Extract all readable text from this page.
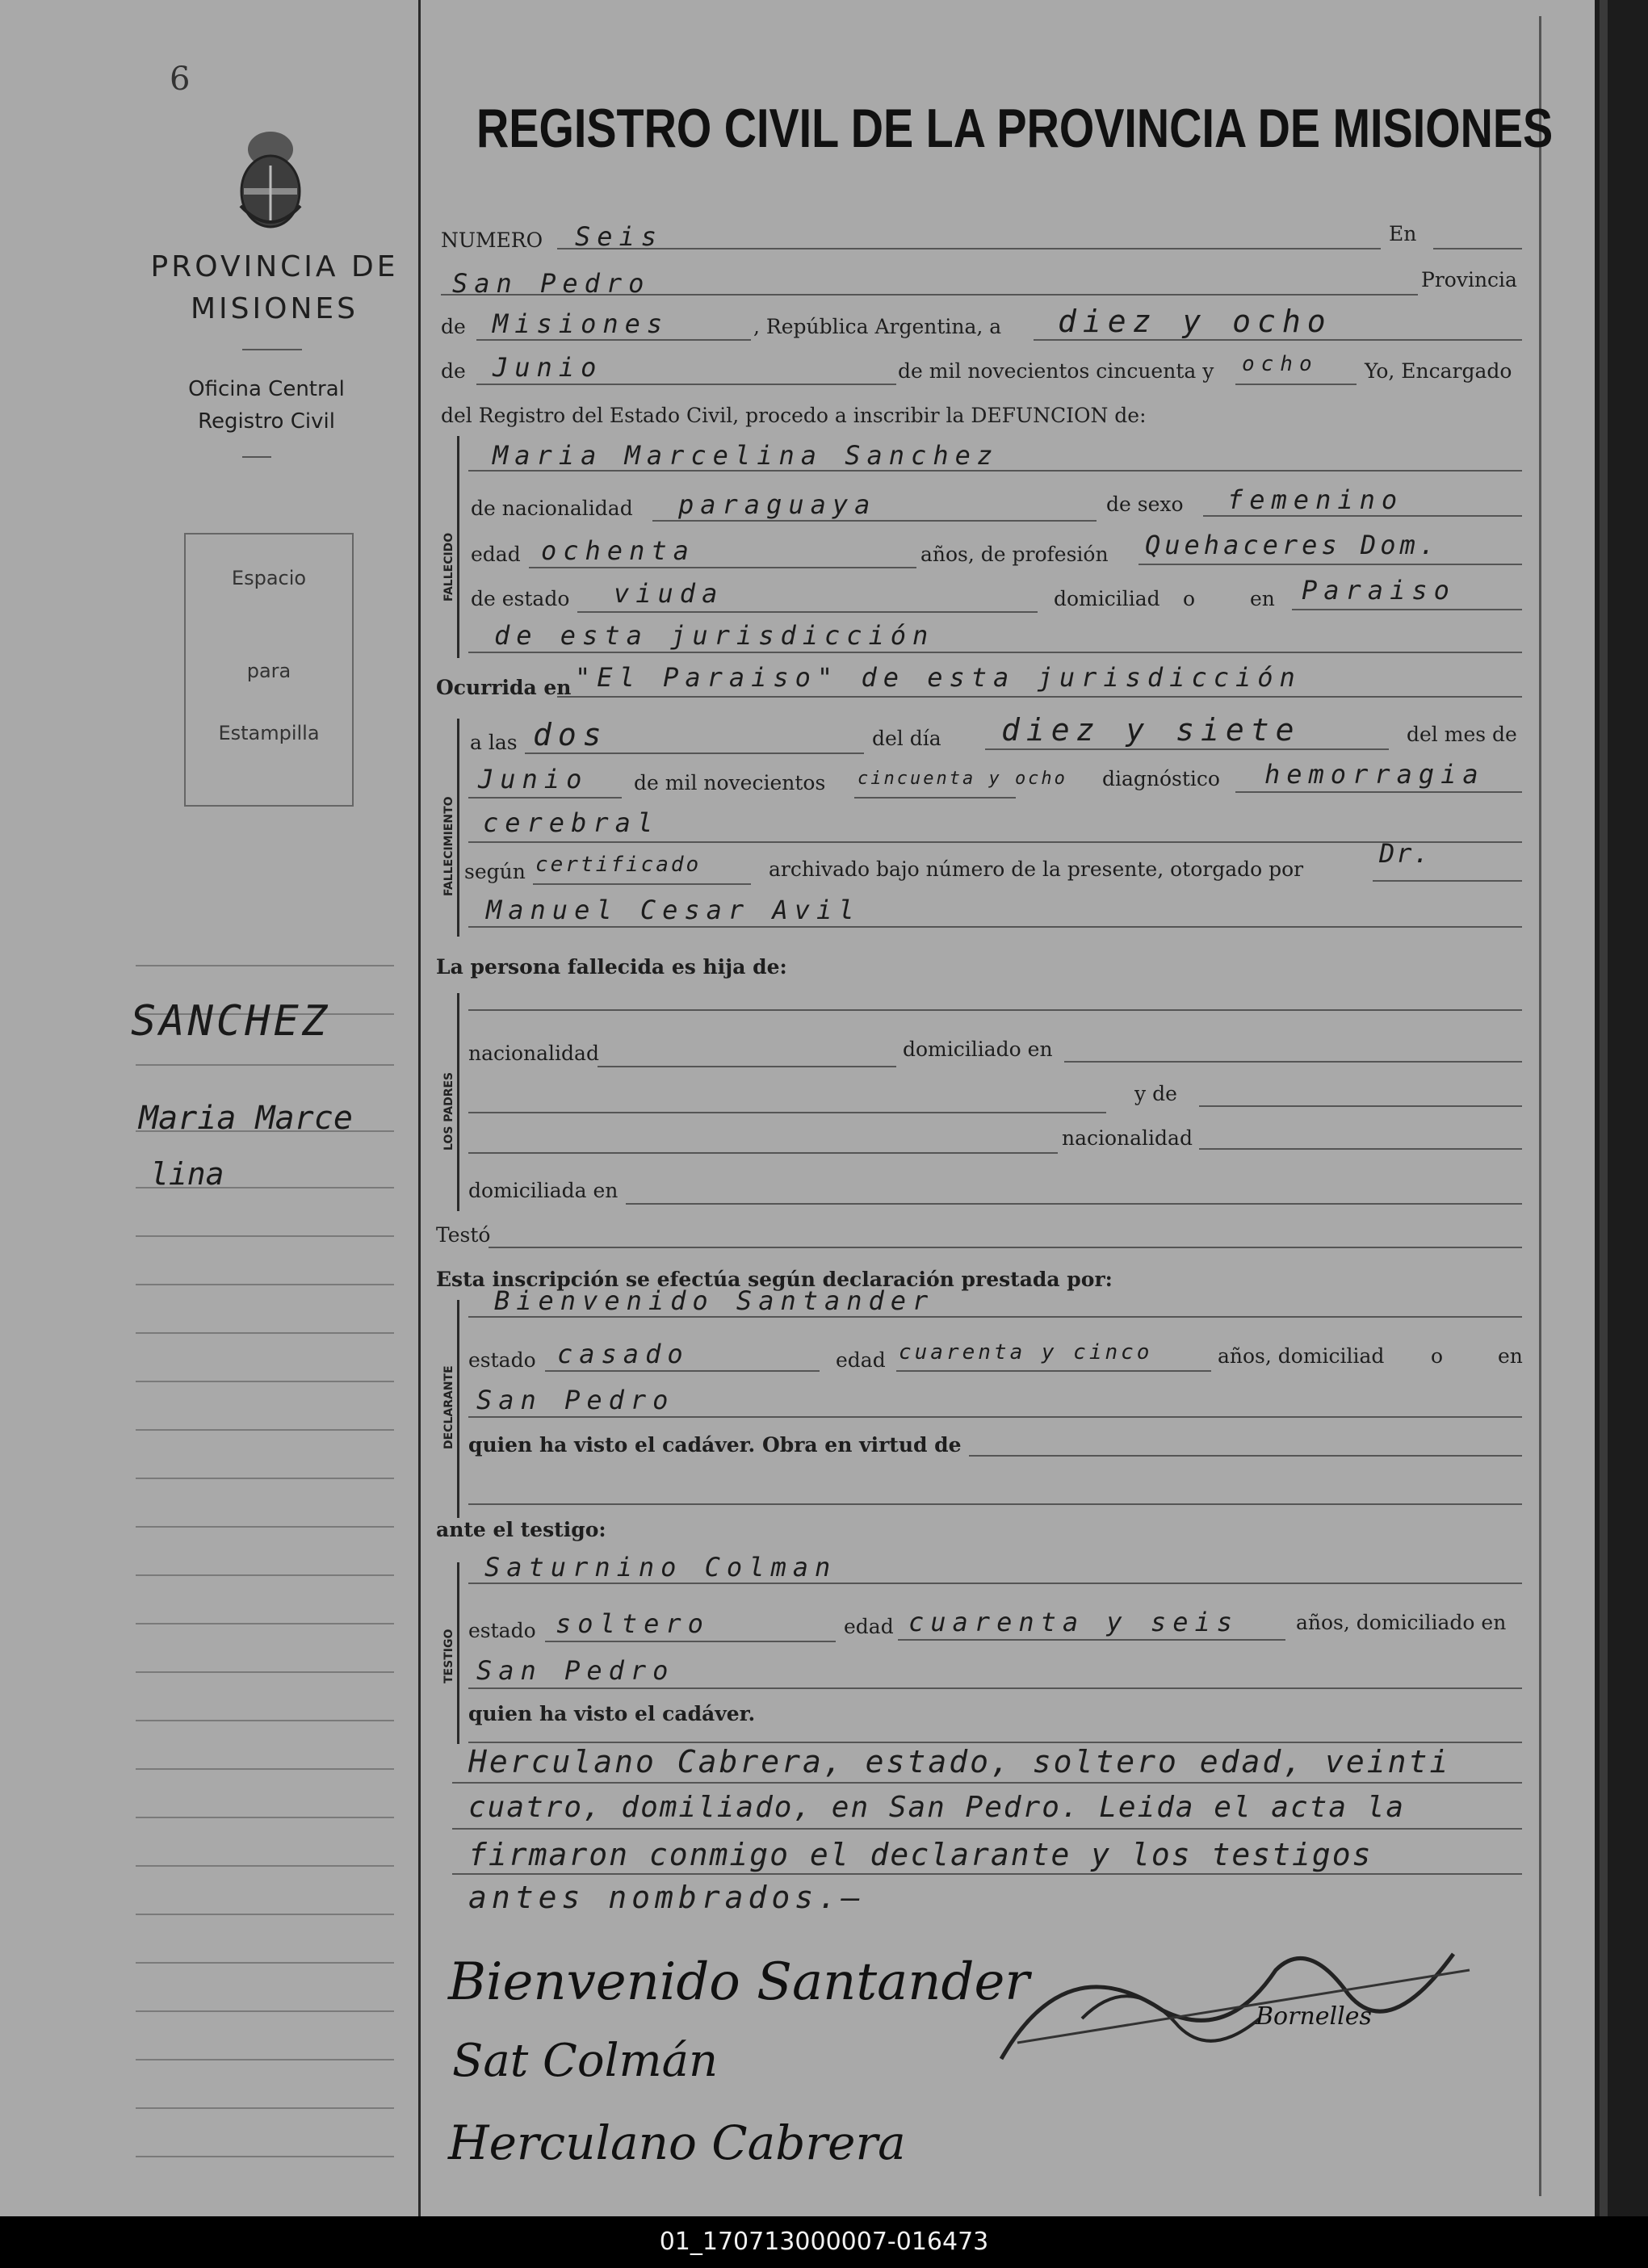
6
PROVINCIA DE
MISIONES
Oficina Central
Registro Civil
Espacio
para
Estampilla
SANCHEZ
Maria Marce
lina
REGISTRO CIVIL DE LA PROVINCIA DE MISIONES
NUMERO Seis	En
San Pedro	Provincia
de Misiones	, República Argentina, a diez y ocho
de Junio	de mil novecientos cincuenta y ocho Yo, Encargado
del Registro del Estado Civil, procedo a inscribir la DEFUNCION de:
FALLECIDO
Maria Marcelina Sanchez
de nacionalidad paraguaya	de sexo femenino
edad ochenta	años, de profesión Quehaceres Dom.
de estado viuda	domiciliad o	en Paraiso
de esta jurisdicción
Ocurrida en "El Paraiso" de esta jurisdicción
FALLECIMIENTO
a las dos	del día diez y siete	del mes de
Junio de mil novecientos cincuenta y ocho diagnóstico hemorragia
cerebral
según certificado	archivado bajo número de la presente, otorgado por
Dr.
Manuel Cesar Avil
La persona fallecida es hija de:
LOS PADRES
nacionalidad	domiciliado en
y de
nacionalidad
domiciliada en
Testó
Esta inscripción se efectúa según declaración prestada por:
DECLARANTE
Bienvenido Santander
estado casado	edad cuarenta y cinco	años, domiciliad o	en
San Pedro
quien ha visto el cadáver. Obra en virtud de
ante el testigo:
TESTIGO
Saturnino Colman
estado soltero	edad cuarenta y seis	años, domiciliado en
San Pedro
quien ha visto el cadáver.
Herculano Cabrera, estado, soltero edad, veinti
cuatro, domiliado, en San Pedro. Leida el acta la
firmaron conmigo el declarante y los testigos
antes nombrados.—
Bienvenido Santander
Sat Colmán
Herculano Cabrera
Bornelles
01_170713000007-016473
